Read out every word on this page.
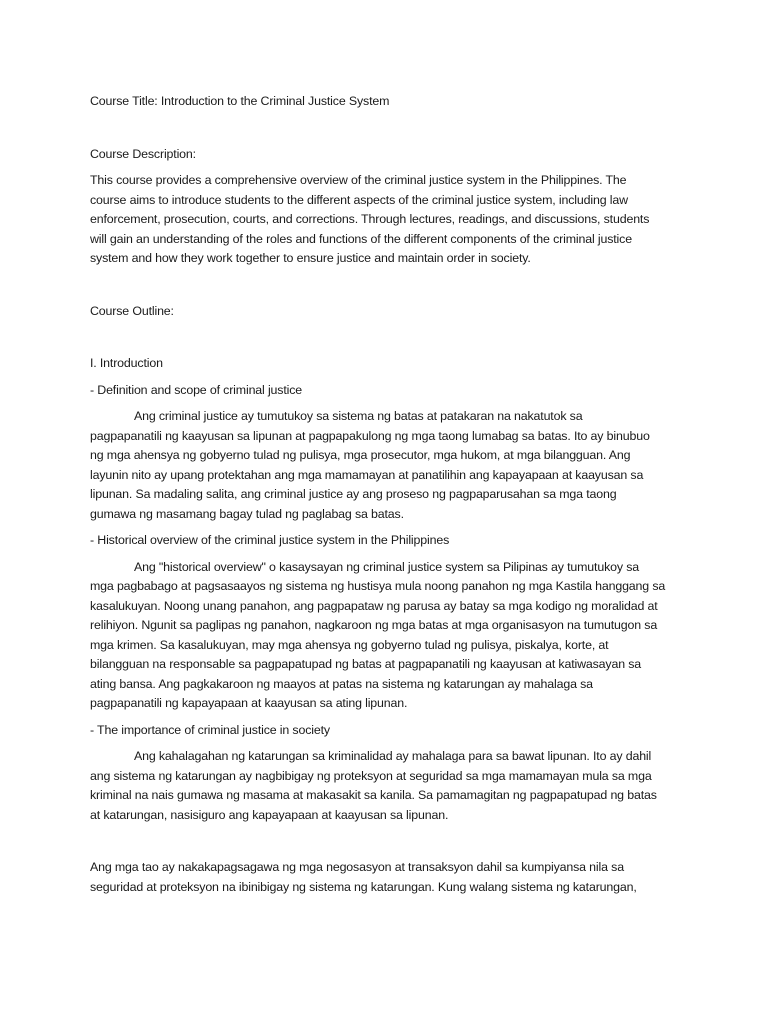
Course Title: Introduction to the Criminal Justice System
Course Description:
This course provides a comprehensive overview of the criminal justice system in the Philippines. The
course aims to introduce students to the different aspects of the criminal justice system, including law
enforcement, prosecution, courts, and corrections. Through lectures, readings, and discussions, students
will gain an understanding of the roles and functions of the different components of the criminal justice
system and how they work together to ensure justice and maintain order in society.
Course Outline:
I. Introduction
- Definition and scope of criminal justice
Ang criminal justice ay tumutukoy sa sistema ng batas at patakaran na nakatutok sa
pagpapanatili ng kaayusan sa lipunan at pagpapakulong ng mga taong lumabag sa batas. Ito ay binubuo
ng mga ahensya ng gobyerno tulad ng pulisya, mga prosecutor, mga hukom, at mga bilangguan. Ang
layunin nito ay upang protektahan ang mga mamamayan at panatilihin ang kapayapaan at kaayusan sa
lipunan. Sa madaling salita, ang criminal justice ay ang proseso ng pagpaparusahan sa mga taong
gumawa ng masamang bagay tulad ng paglabag sa batas.
- Historical overview of the criminal justice system in the Philippines
Ang "historical overview" o kasaysayan ng criminal justice system sa Pilipinas ay tumutukoy sa
mga pagbabago at pagsasaayos ng sistema ng hustisya mula noong panahon ng mga Kastila hanggang sa
kasalukuyan. Noong unang panahon, ang pagpapataw ng parusa ay batay sa mga kodigo ng moralidad at
relihiyon. Ngunit sa paglipas ng panahon, nagkaroon ng mga batas at mga organisasyon na tumutugon sa
mga krimen. Sa kasalukuyan, may mga ahensya ng gobyerno tulad ng pulisya, piskalya, korte, at
bilangguan na responsable sa pagpapatupad ng batas at pagpapanatili ng kaayusan at katiwasayan sa
ating bansa. Ang pagkakaroon ng maayos at patas na sistema ng katarungan ay mahalaga sa
pagpapanatili ng kapayapaan at kaayusan sa ating lipunan.
- The importance of criminal justice in society
Ang kahalagahan ng katarungan sa kriminalidad ay mahalaga para sa bawat lipunan. Ito ay dahil
ang sistema ng katarungan ay nagbibigay ng proteksyon at seguridad sa mga mamamayan mula sa mga
kriminal na nais gumawa ng masama at makasakit sa kanila. Sa pamamagitan ng pagpapatupad ng batas
at katarungan, nasisiguro ang kapayapaan at kaayusan sa lipunan.
Ang mga tao ay nakakapagsagawa ng mga negosasyon at transaksyon dahil sa kumpiyansa nila sa
seguridad at proteksyon na ibinibigay ng sistema ng katarungan. Kung walang sistema ng katarungan,
